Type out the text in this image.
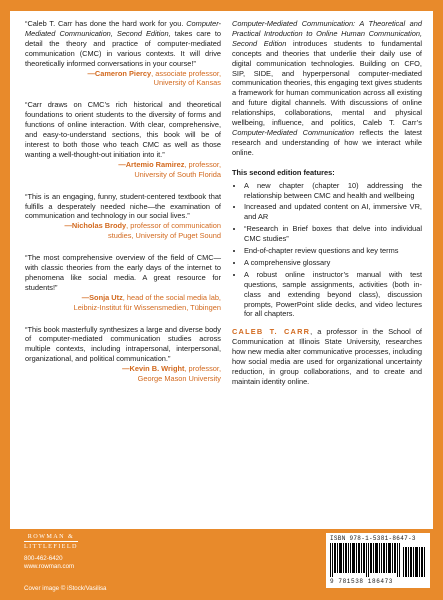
“Caleb T. Carr has done the hard work for you. Computer-Mediated Communication, Second Edition, takes care to detail the theory and practice of computer-mediated communication (CMC) in various contexts. It will drive theoretically informed conversations in your course!”

—Cameron Piercy, associate professor,
University of Kansas

“Carr draws on CMC’s rich historical and theoretical foundations to orient students to the diversity of forms and functions of online interaction. With clear, comprehensive, and easy-to-understand sections, this book will be of interest to both those who teach CMC as well as those wanting a well-thought-out initiation into it.”

—Artemio Ramirez, professor,
University of South Florida

“This is an engaging, funny, student-centered textbook that fulfills a desperately needed niche—the examination of communication and technology in our social lives.”

—Nicholas Brody, professor of communication
studies, University of Puget Sound

“The most comprehensive overview of the field of CMC—with classic theories from the early days of the internet to phenomena like social media. A great resource for students!”

—Sonja Utz, head of the social media lab,
Leibniz-Institut für Wissensmedien, Tübingen

“This book masterfully synthesizes a large and diverse body of computer-mediated communication studies across multiple contexts, including intrapersonal, interpersonal, organizational, and political communication.”

—Kevin B. Wright, professor,
George Mason University

Computer-Mediated Communication: A Theoretical and Practical Introduction to Online Human Communication, Second Edition introduces students to fundamental concepts and theories that underlie their daily use of digital communication technologies. Building on CFO, SIP, SIDE, and hyperpersonal computer-mediated communication theories, this engaging text gives students a framework for human communication across all existing and future digital channels. With discussions of online relationships, collaborations, mental and physical wellbeing, influence, and politics, Caleb T. Carr’s Computer-Mediated Communication reflects the latest research and understanding of how we interact while online.

This second edition features:

• A new chapter (chapter 10) addressing the relationship between CMC and health and wellbeing
• Increased and updated content on AI, immersive VR, and AR
• “Research in Brief boxes that delve into individual CMC studies”
• End-of-chapter review questions and key terms
• A comprehensive glossary
• A robust online instructor’s manual with test questions, sample assignments, activities (both in-class and extending beyond class), discussion prompts, PowerPoint slide decks, and video lectures for all chapters.

CALEB T. CARR, a professor in the School of Communication at Illinois State University, researches how new media alter communicative processes, including how social media are used for organizational uncertainty reduction, in group collaborations, and to create and maintain identity online.

ROWMAN &
LITTLEFIELD
800-462-6420
www.rowman.com
Cover image © iStock/Vasilisa
ISBN 978-1-5381-8647-3
9 781538 186473
